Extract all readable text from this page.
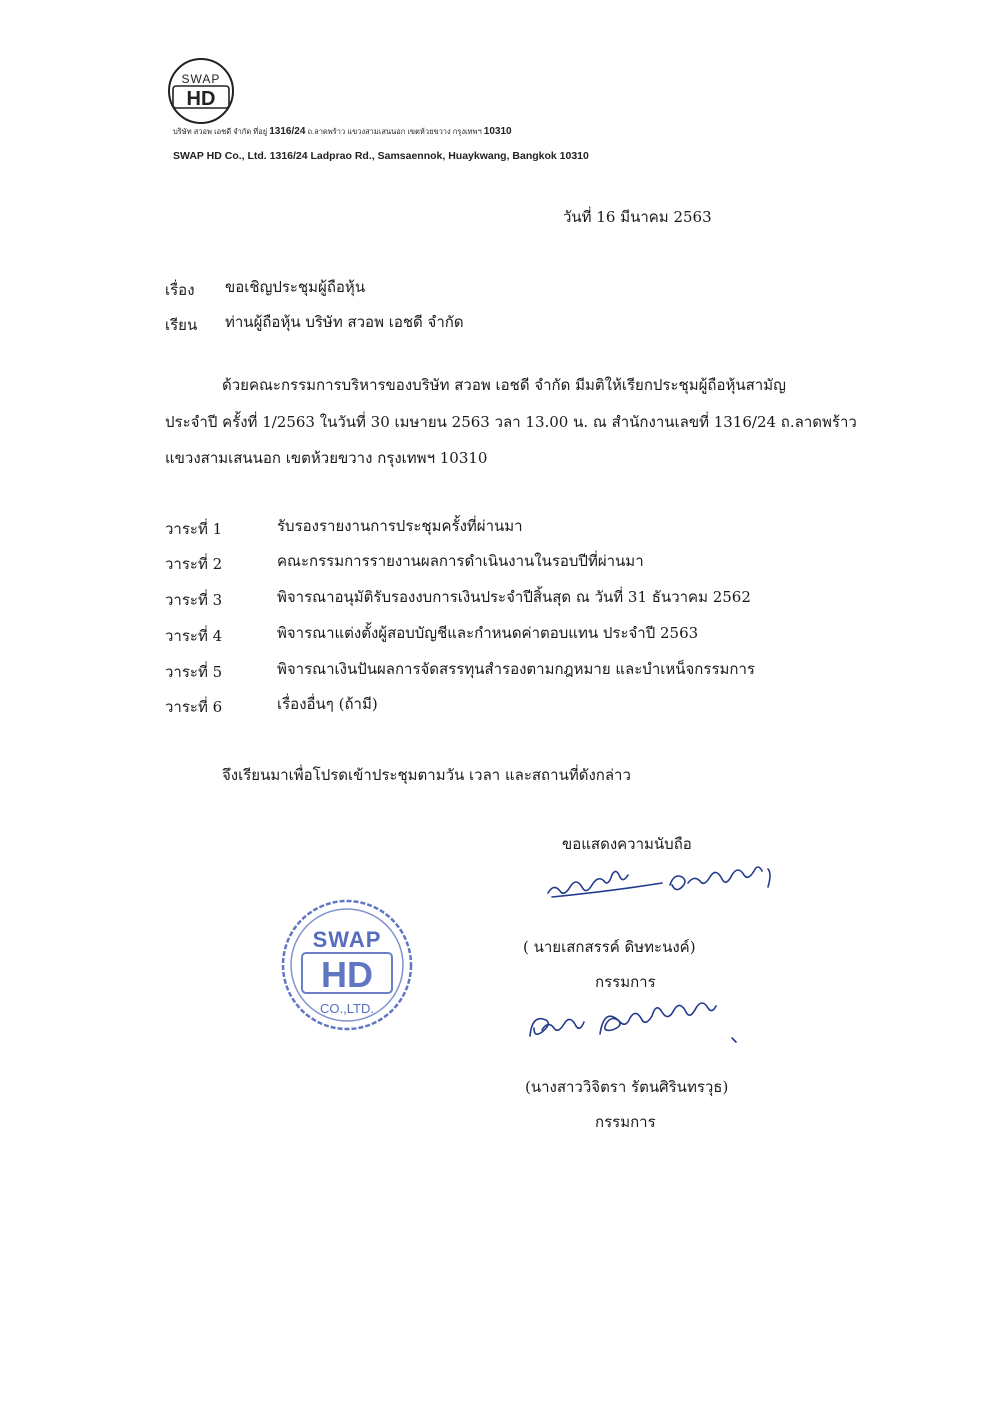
SWAP
HD
บริษัท สวอพ เอชดี จำกัด ที่อยู่ 1316/24 ถ.ลาดพร้าว แขวงสามเสนนอก เขตห้วยขวาง กรุงเทพฯ 10310
SWAP HD Co., Ltd. 1316/24 Ladprao Rd., Samsaennok, Huaykwang, Bangkok 10310
วันที่ 16 มีนาคม 2563
เรื่อง ขอเชิญประชุมผู้ถือหุ้น
เรียน ท่านผู้ถือหุ้น บริษัท สวอพ เอชดี จำกัด
ด้วยคณะกรรมการบริหารของบริษัท สวอพ เอชดี จำกัด มีมติให้เรียกประชุมผู้ถือหุ้นสามัญ
ประจำปี ครั้งที่ 1/2563 ในวันที่ 30 เมษายน 2563 วลา 13.00 น. ณ สำนักงานเลขที่ 1316/24 ถ.ลาดพร้าว
แขวงสามเสนนอก เขตห้วยขวาง กรุงเทพฯ 10310
วาระที่ 1	รับรองรายงานการประชุมครั้งที่ผ่านมา
วาระที่ 2	คณะกรรมการรายงานผลการดำเนินงานในรอบปีที่ผ่านมา
วาระที่ 3	พิจารณาอนุมัติรับรองงบการเงินประจำปีสิ้นสุด ณ วันที่ 31 ธันวาคม 2562
วาระที่ 4	พิจารณาแต่งตั้งผู้สอบบัญชีและกำหนดค่าตอบแทน ประจำปี 2563
วาระที่ 5	พิจารณาเงินปันผลการจัดสรรทุนสำรองตามกฎหมาย และบำเหน็จกรรมการ
วาระที่ 6	เรื่องอื่นๆ (ถ้ามี)
จึงเรียนมาเพื่อโปรดเข้าประชุมตามวัน เวลา และสถานที่ดังกล่าว
ขอแสดงความนับถือ
( นายเสกสรรค์ ดิษทะนงค์)
กรรมการ
(นางสาววิจิตรา รัตนศิรินทรวุธ)
กรรมการ
SWAP
HD
CO.,LTD.
